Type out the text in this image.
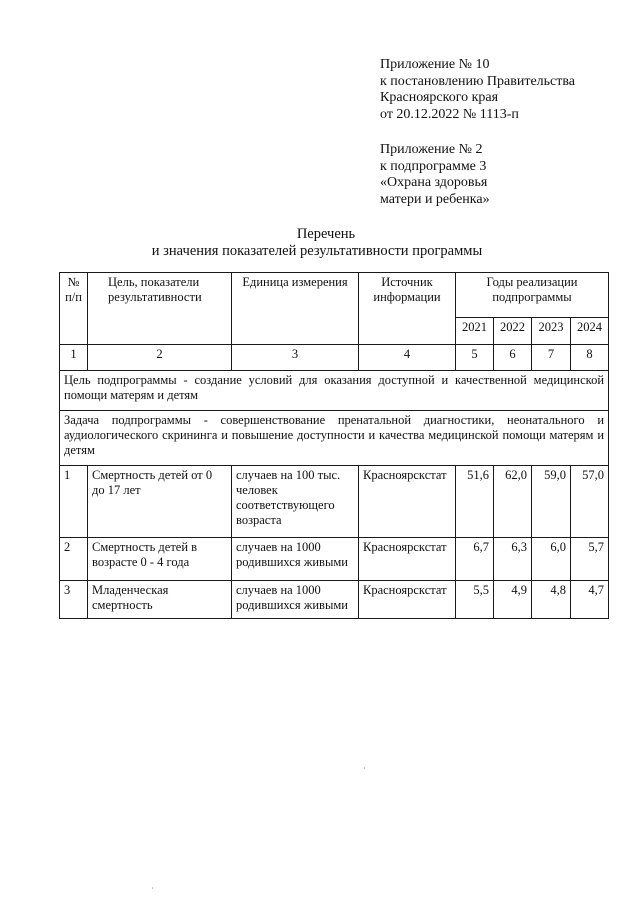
Приложение № 10
к постановлению Правительства
Красноярского края
от 20.12.2022 № 1113-п
Приложение № 2
к подпрограмме 3
«Охрана здоровья
матери и ребенка»
Перечень
и значения показателей результативности программы
№ п/п	Цель, показатели результативности	Единица измерения	Источник информации	Годы реализации подпрограммы			
				2021	2022	2023	2024
1	2	3	4	5	6	7	8
Цель подпрограммы - создание условий для оказания доступной и качественной медицинской помощи матерям и детям							
Задача подпрограммы - совершенствование пренатальной диагностики, неонатального и аудиологического скрининга и повышение доступности и качества медицинской помощи матерям и детям							
1	Смертность детей от 0 до 17 лет	случаев на 100 тыс. человек соответствующего возраста	Красноярскстат	51,6	62,0	59,0	57,0
2	Смертность детей в возрасте 0 - 4 года	случаев на 1000 родившихся живыми	Красноярскстат	6,7	6,3	6,0	5,7
3	Младенческая смертность	случаев на 1000 родившихся живыми	Красноярскстат	5,5	4,9	4,8	4,7
·
·
